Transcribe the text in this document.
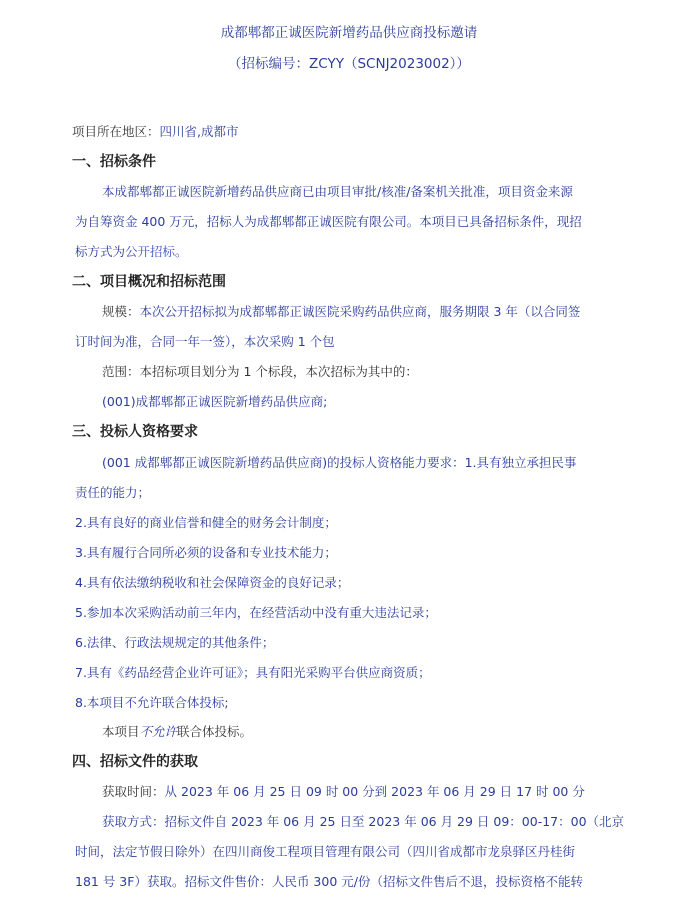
成都郫都正诚医院新增药品供应商投标邀请
（招标编号：ZCYY（SCNJ2023002））
项目所在地区：四川省,成都市
一、招标条件
本成都郫都正诚医院新增药品供应商已由项目审批/核准/备案机关批准，项目资金来源
为自筹资金 400 万元，招标人为成都郫都正诚医院有限公司。本项目已具备招标条件，现招
标方式为公开招标。
二、项目概况和招标范围
规模：本次公开招标拟为成都郫都正诚医院采购药品供应商，服务期限 3 年（以合同签
订时间为准，合同一年一签），本次采购 1 个包
范围：本招标项目划分为 1 个标段，本次招标为其中的：
(001)成都郫都正诚医院新增药品供应商;
三、投标人资格要求
(001 成都郫都正诚医院新增药品供应商)的投标人资格能力要求：1.具有独立承担民事
责任的能力；
2.具有良好的商业信誉和健全的财务会计制度；
3.具有履行合同所必须的设备和专业技术能力；
4.具有依法缴纳税收和社会保障资金的良好记录；
5.参加本次采购活动前三年内，在经营活动中没有重大违法记录；
6.法律、行政法规规定的其他条件；
7.具有《药品经营企业许可证》；具有阳光采购平台供应商资质；
8.本项目不允许联合体投标;
本项目不允许联合体投标。
四、招标文件的获取
获取时间：从 2023 年 06 月 25 日 09 时 00 分到 2023 年 06 月 29 日 17 时 00 分
获取方式：招标文件自 2023 年 06 月 25 日至 2023 年 06 月 29 日 09：00-17：00（北京
时间，法定节假日除外）在四川商俊工程项目管理有限公司（四川省成都市龙泉驿区丹桂街
181 号 3F）获取。招标文件售价：人民币 300 元/份（招标文件售后不退，投标资格不能转
